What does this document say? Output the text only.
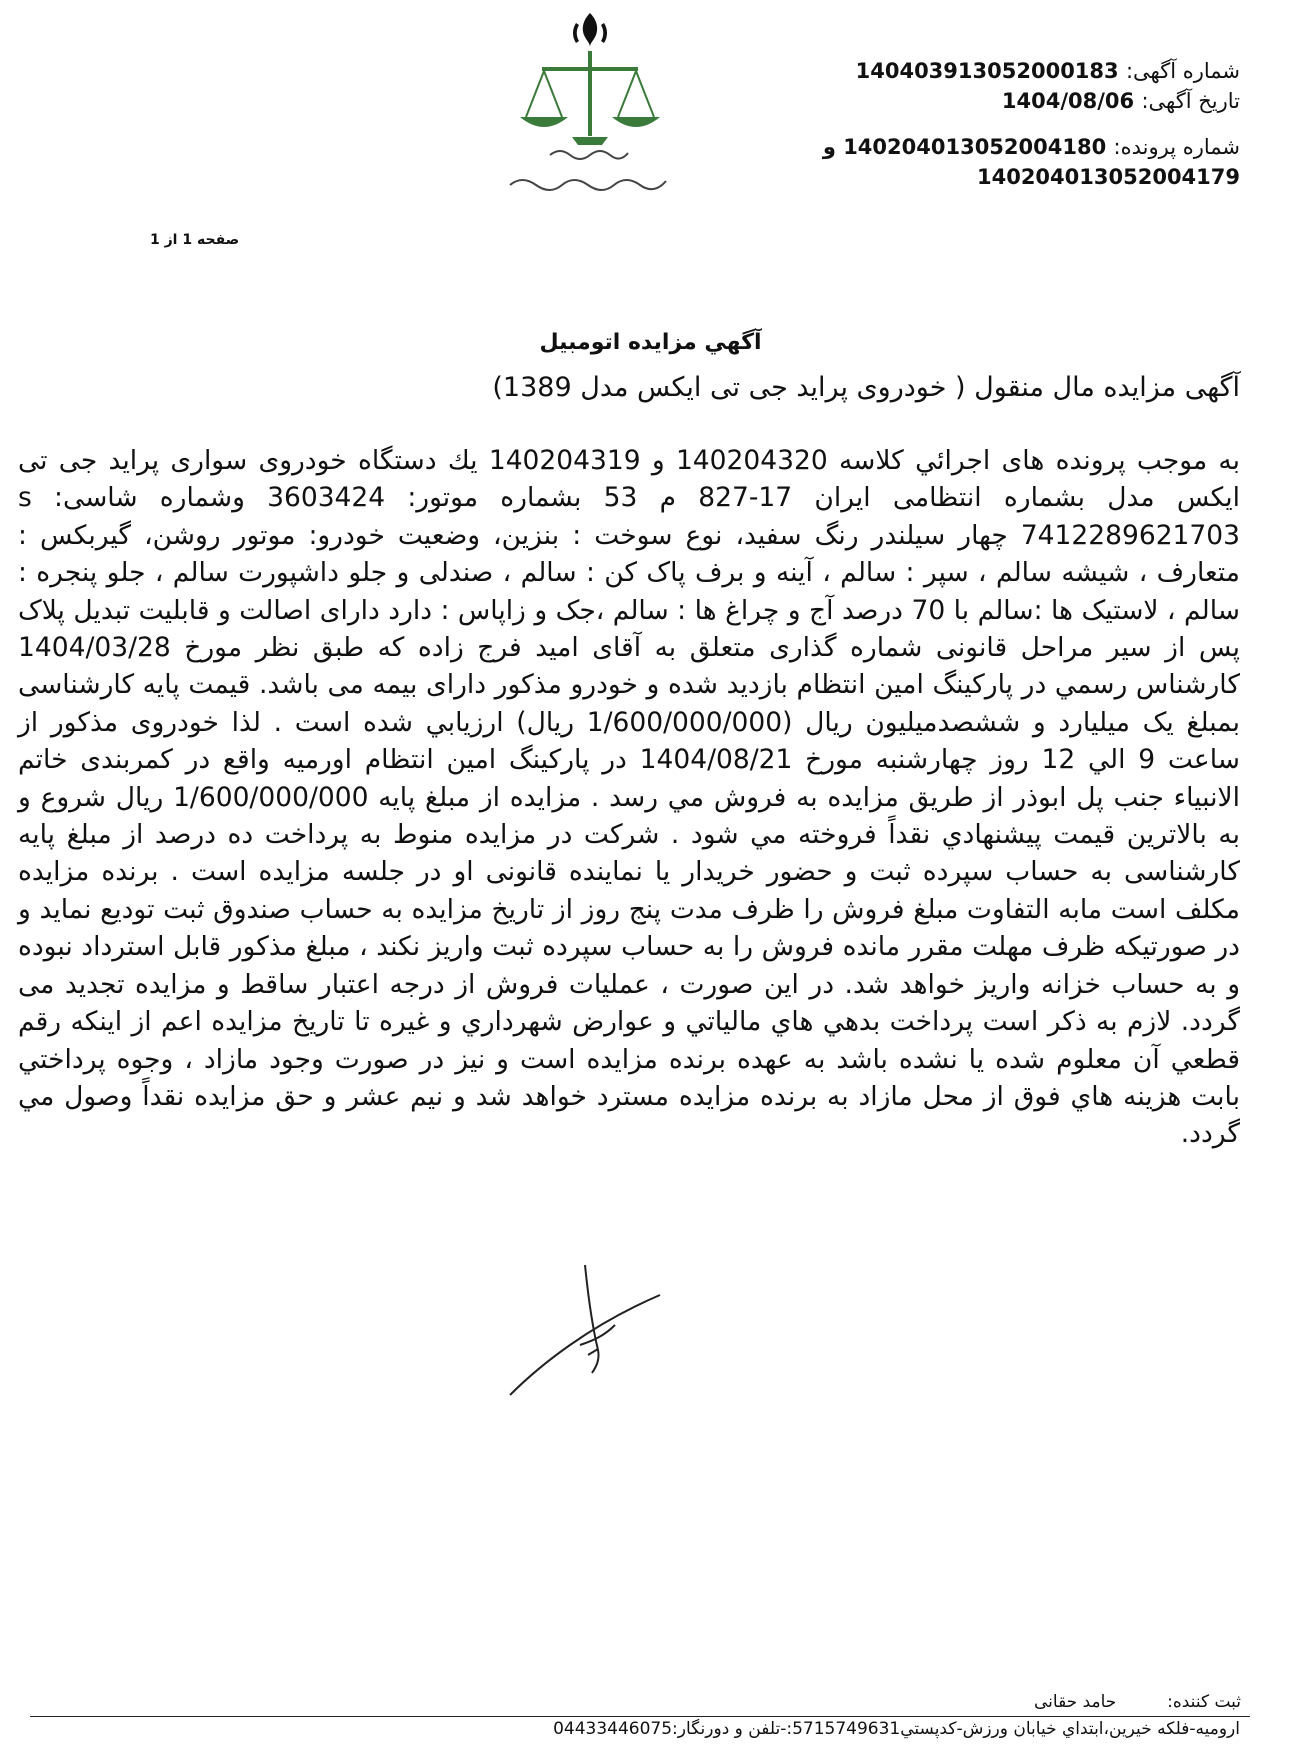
شماره آگهی: 14040391305200018​3
تاریخ آگهی: 1404/08/06
شماره پرونده: 140204013052004180 و
140204013052004179
صفحه 1 از 1
آگهي مزايده اتومبيل
آگهی مزایده مال منقول ( خودروی پراید جی تی ایکس مدل 1389)

به موجب پرونده های اجرائي كلاسه 140204320 و 140204319 يك دستگاه خودروی سواری پراید جی تی ایکس مدل بشماره انتظامی ایران 17-827 م 53 بشماره موتور: 3603424 وشماره شاسی: s 7412289621703 چهار سیلندر رنگ سفید، نوع سوخت : بنزین، وضعیت خودرو: موتور روشن، گیربکس : متعارف ، شیشه سالم ، سپر : سالم ، آینه و برف پاک کن : سالم ، صندلی و جلو داشپورت سالم ، جلو پنجره : سالم ، لاستیک ها :سالم با 70 درصد آج و چراغ ها : سالم ،جک و زاپاس : دارد دارای اصالت و قابلیت تبدیل پلاک پس از سیر مراحل قانونی شماره گذاری متعلق به آقای امید فرج زاده که طبق نظر مورخ 1404/03/28 کارشناس رسمي در پارکینگ امین انتظام بازدید شده و خودرو مذکور دارای بیمه می باشد. قیمت پایه کارشناسی بمبلغ یک میلیارد و ششصدمیلیون ریال (1/600/000/000 ریال) ارزيابي شده است . لذا خودروی مذکور از ساعت 9 الي 12 روز چهارشنبه مورخ 1404/08/21 در پارکینگ امین انتظام اورمیه واقع در کمربندی خاتم الانبیاء جنب پل ابوذر از طريق مزايده به فروش مي رسد . مزايده از مبلغ پايه 1/600/000/000 ريال شروع و به بالاترين قيمت پيشنهادي نقداً فروخته مي شود . شركت در مزايده منوط به پرداخت ده درصد از مبلغ پایه کارشناسی به حساب سپرده ثبت و حضور خريدار يا نماينده قانونی او در جلسه مزایده است . برنده مزایده مکلف است مابه التفاوت مبلغ فروش را ظرف مدت پنج روز از تاریخ مزایده به حساب صندوق ثبت تودیع نماید و در صورتیکه ظرف مهلت مقرر مانده فروش را به حساب سپرده ثبت واریز نکند ، مبلغ مذکور قابل استرداد نبوده و به حساب خزانه واریز خواهد شد. در این صورت ، عملیات فروش از درجه اعتبار ساقط و مزایده تجدید می گردد. لازم به ذکر است پرداخت بدهي هاي مالياتي و عوارض شهرداري و غيره تا تاريخ مزايده اعم از اينكه رقم قطعي آن معلوم شده يا نشده باشد به عهده برنده مزايده است و نيز در صورت وجود مازاد ، وجوه پرداختي بابت هزينه هاي فوق از محل مازاد به برنده مزايده مسترد خواهد شد و نيم عشر و حق مزايده نقداً وصول مي گردد.

ثبت کننده:  حامد حقانی
ارومیه-فلکه خیرین،ابتداي خيابان ورزش-کدپستي5715749631:-تلفن و دورنگار:04433446075
